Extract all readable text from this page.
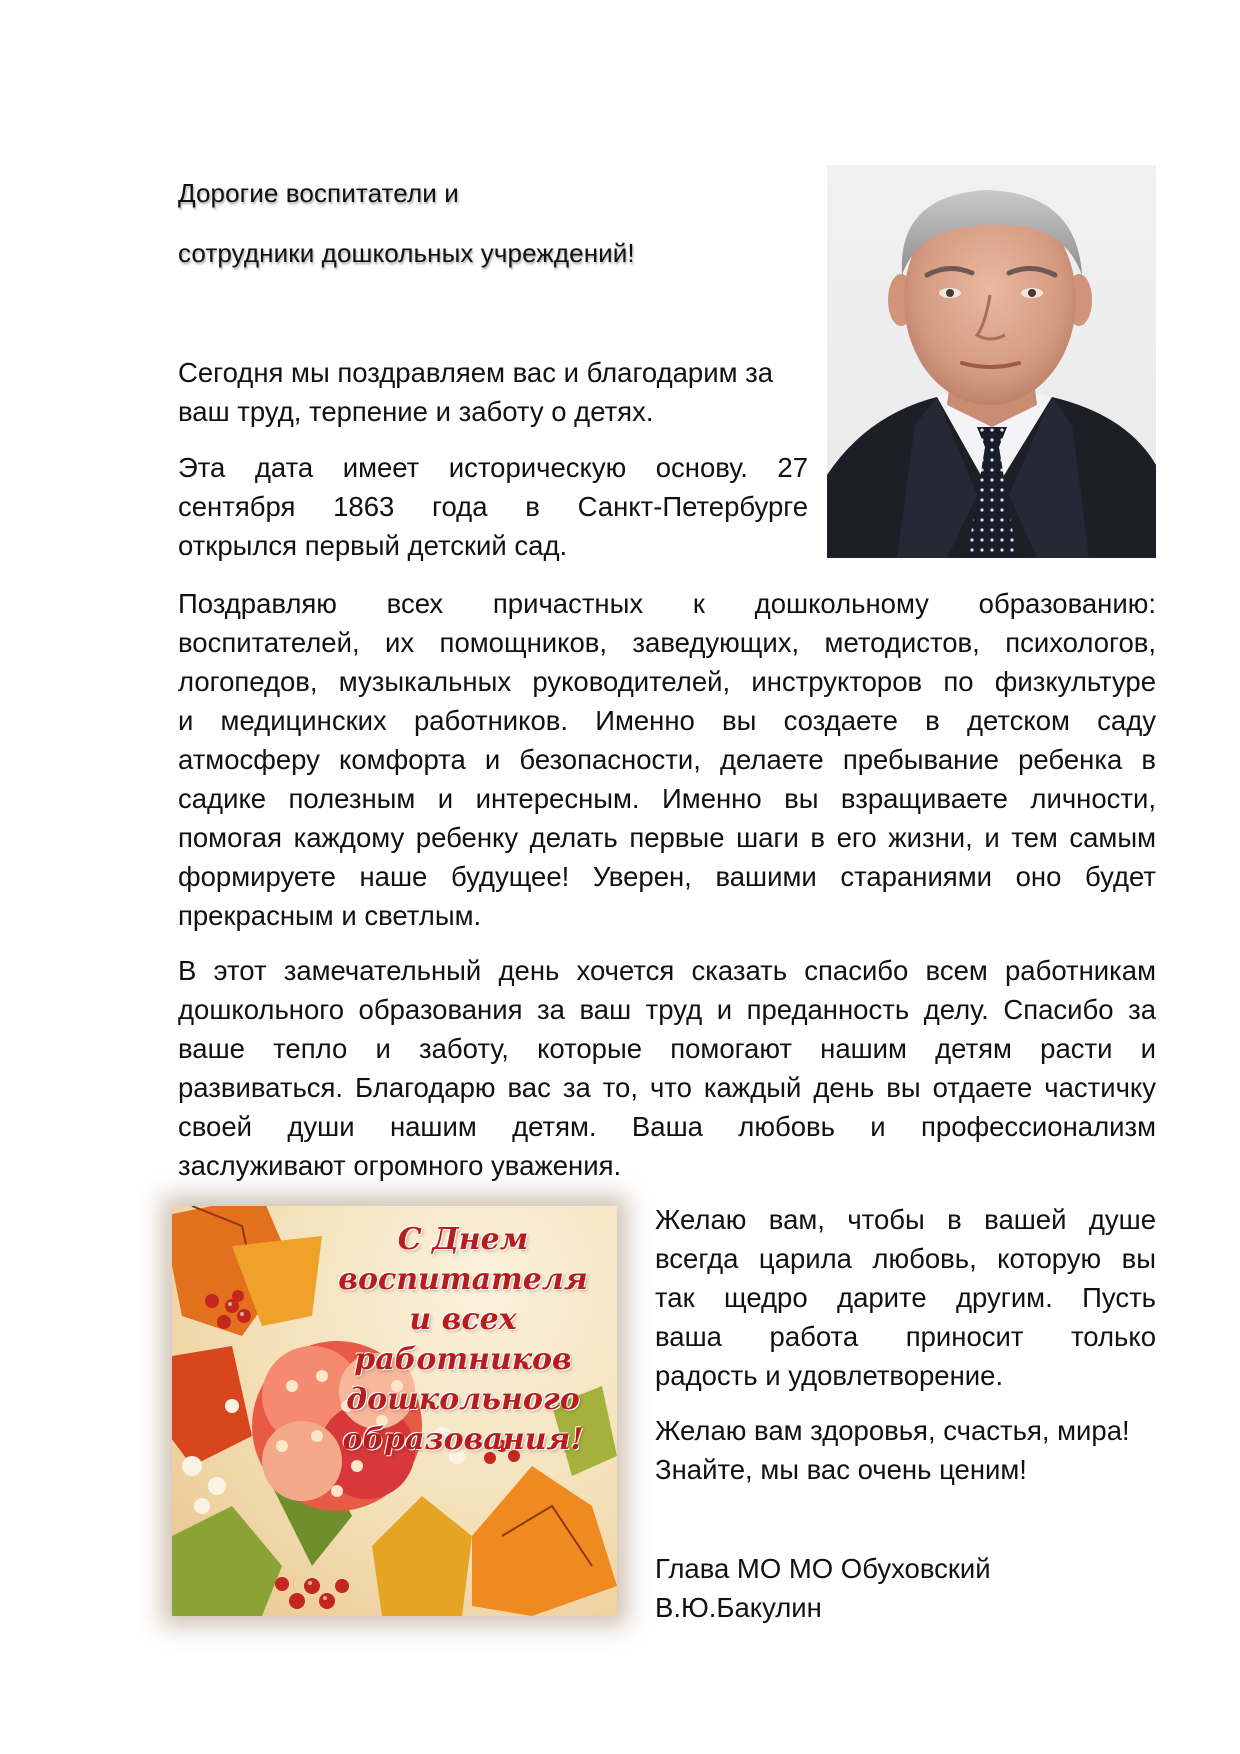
Дорогие воспитатели и
сотрудники дошкольных учреждений!
Сегодня мы поздравляем вас и благодарим за
ваш труд, терпение и заботу о детях.
Эта дата имеет историческую основу. 27
сентября 1863 года в Санкт-Петербурге
открылся первый детский сад.
Поздравляю всех причастных к дошкольному образованию:
воспитателей, их помощников, заведующих, методистов, психологов,
логопедов, музыкальных руководителей, инструкторов по физкультуре
и медицинских работников. Именно вы создаете в детском саду
атмосферу комфорта и безопасности, делаете пребывание ребенка в
садике полезным и интересным. Именно вы взращиваете личности,
помогая каждому ребенку делать первые шаги в его жизни, и тем самым
формируете наше будущее! Уверен, вашими стараниями оно будет
прекрасным и светлым.
В этот замечательный день хочется сказать спасибо всем работникам
дошкольного образования за ваш труд и преданность делу. Спасибо за
ваше тепло и заботу, которые помогают нашим детям расти и
развиваться. Благодарю вас за то, что каждый день вы отдаете частичку
своей души нашим детям. Ваша любовь и профессионализм
заслуживают огромного уважения.
С Днем воспитателя
и всех работников
дошкольного
образования!
Желаю вам, чтобы в вашей душе
всегда царила любовь, которую вы
так щедро дарите другим. Пусть
ваша работа приносит только
радость и удовлетворение.
Желаю вам здоровья, счастья, мира! Знайте, мы вас очень ценим!
Глава МО МО Обуховский
В.Ю.Бакулин
